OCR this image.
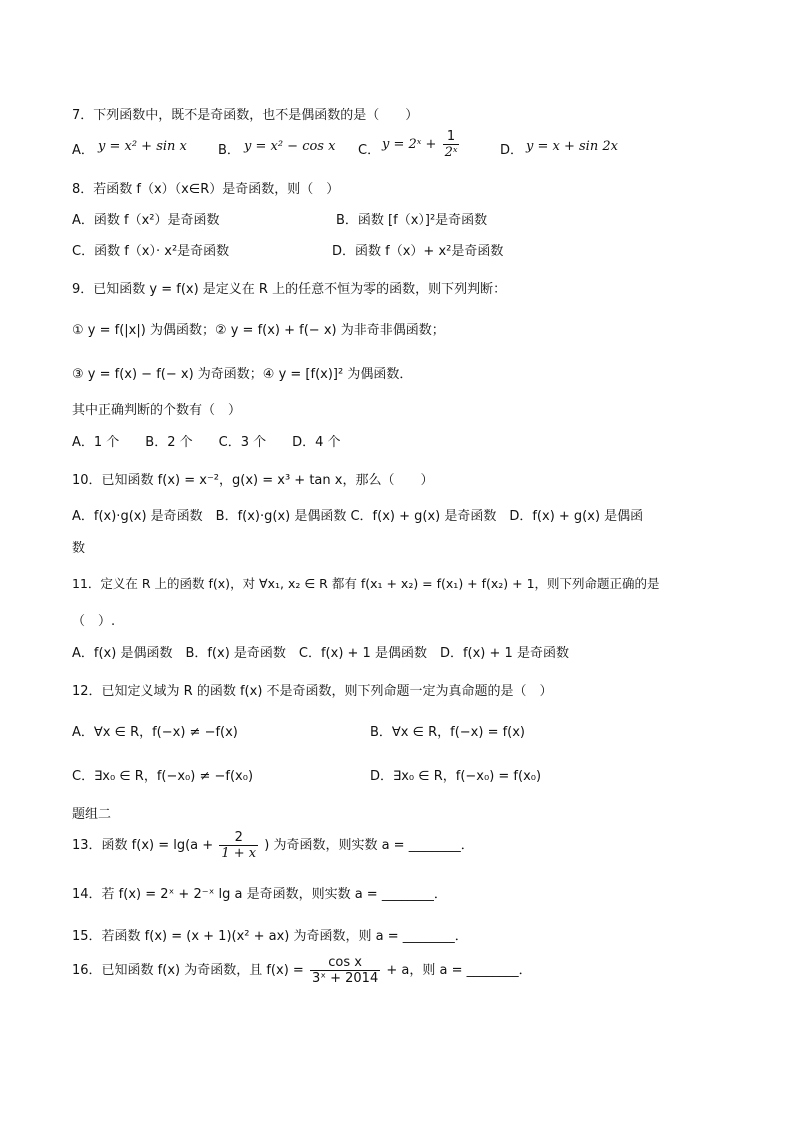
7．下列函数中，既不是奇函数，也不是偶函数的是（　　）
A． y = x² + sin x B． y = x² − cos x C． y = 2ˣ + $\frac{1}{\text{2ˣ}}$	D． y = x + sin 2x
8．若函数 f（x）（x∈R）是奇函数，则（　）
A．函数 f（x²）是奇函数	B．函数 [f（x）]²是奇函数
C．函数 f（x）· x²是奇函数	D．函数 f（x）+ x²是奇函数
9．已知函数 y = f(x) 是定义在 R 上的任意不恒为零的函数，则下列判断：
① y = f(|x|) 为偶函数；② y = f(x) + f(− x) 为非奇非偶函数；
③ y = f(x) − f(− x) 为奇函数；④ y = [f(x)]² 为偶函数．
其中正确判断的个数有（　）
A．1 个　　B．2 个　　C．3 个　　D．4 个
10．已知函数 f(x) = x⁻²，g(x) = x³ + tan x，那么（　　）
A．f(x)·g(x) 是奇函数　B．f(x)·g(x) 是偶函数 C．f(x) + g(x) 是奇函数　D．f(x) + g(x) 是偶函
数
11．定义在 R 上的函数 f(x)，对 ∀x₁, x₂ ∈ R 都有 f(x₁ + x₂) = f(x₁) + f(x₂) + 1，则下列命题正确的是
（　）.
A．f(x) 是偶函数　B．f(x) 是奇函数　C．f(x) + 1 是偶函数　D．f(x) + 1 是奇函数
12．已知定义域为 R 的函数 f(x) 不是奇函数，则下列命题一定为真命题的是（　）
A．∀x ∈ R，f(−x) ≠ −f(x)	B．∀x ∈ R，f(−x) = f(x)
C．∃x₀ ∈ R，f(−x₀) ≠ −f(x₀)	D．∃x₀ ∈ R，f(−x₀) = f(x₀)
题组二
13．函数 $f(x) = \lg(a + \frac{2}{1 + x}$ ) 为奇函数，则实数 a = ________．
14．若 f(x) = 2ˣ + 2⁻ˣ lg a 是奇函数，则实数 a = ________．
15．若函数 f(x) = (x + 1)(x² + ax) 为奇函数，则 a = ________．
16．已知函数 f(x) 为奇函数，且 $f(x) = \frac{\text{cos x}}{\text{3ˣ + 2014}} + a$，则 a = ________．
